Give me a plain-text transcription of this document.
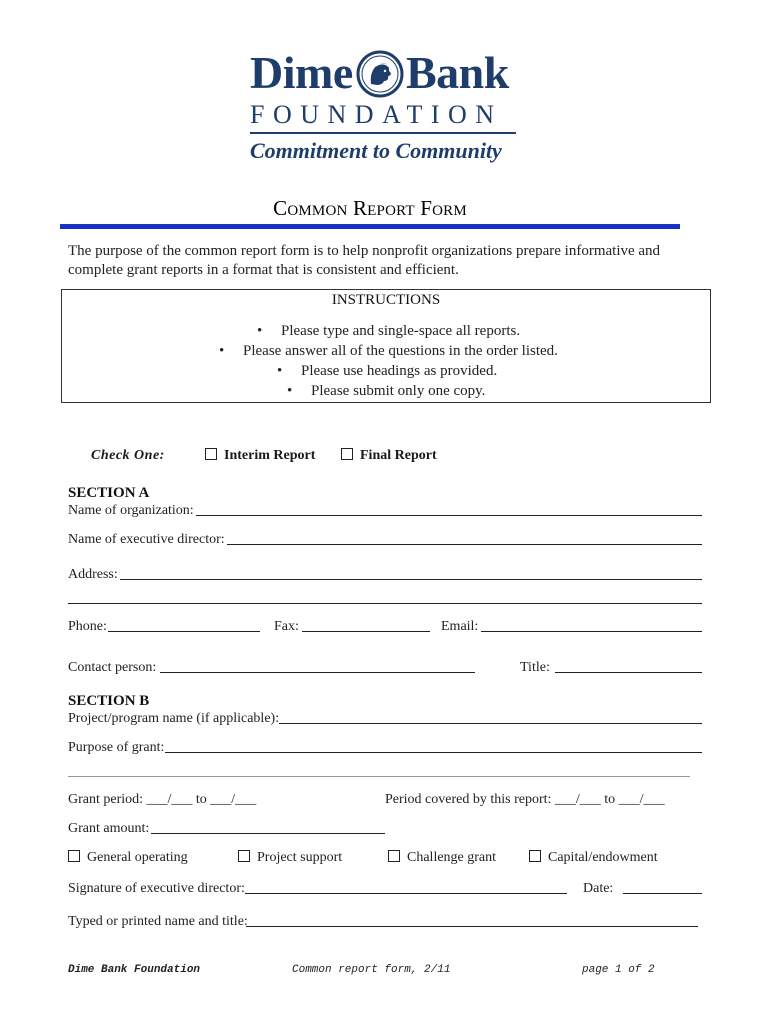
Dime Bank
FOUNDATION
Commitment to Community
Common Report Form
The purpose of the common report form is to help nonprofit organizations prepare informative and complete grant reports in a format that is consistent and efficient.
INSTRUCTIONS
• Please type and single-space all reports.
• Please answer all of the questions in the order listed.
• Please use headings as provided.
• Please submit only one copy.
Check One:	Interim Report	Final Report
SECTION A
Name of organization:
Name of executive director:
Address:
Phone:	Fax:	Email:
Contact person:	Title:
SECTION B
Project/program name (if applicable):
Purpose of grant:
Grant period: ___/___ to ___/___	Period covered by this report: ___/___ to ___/___
Grant amount:
General operating	Project support	Challenge grant	Capital/endowment
Signature of executive director:	Date:
Typed or printed name and title:
Dime Bank Foundation	Common report form, 2/11	page 1 of 2
